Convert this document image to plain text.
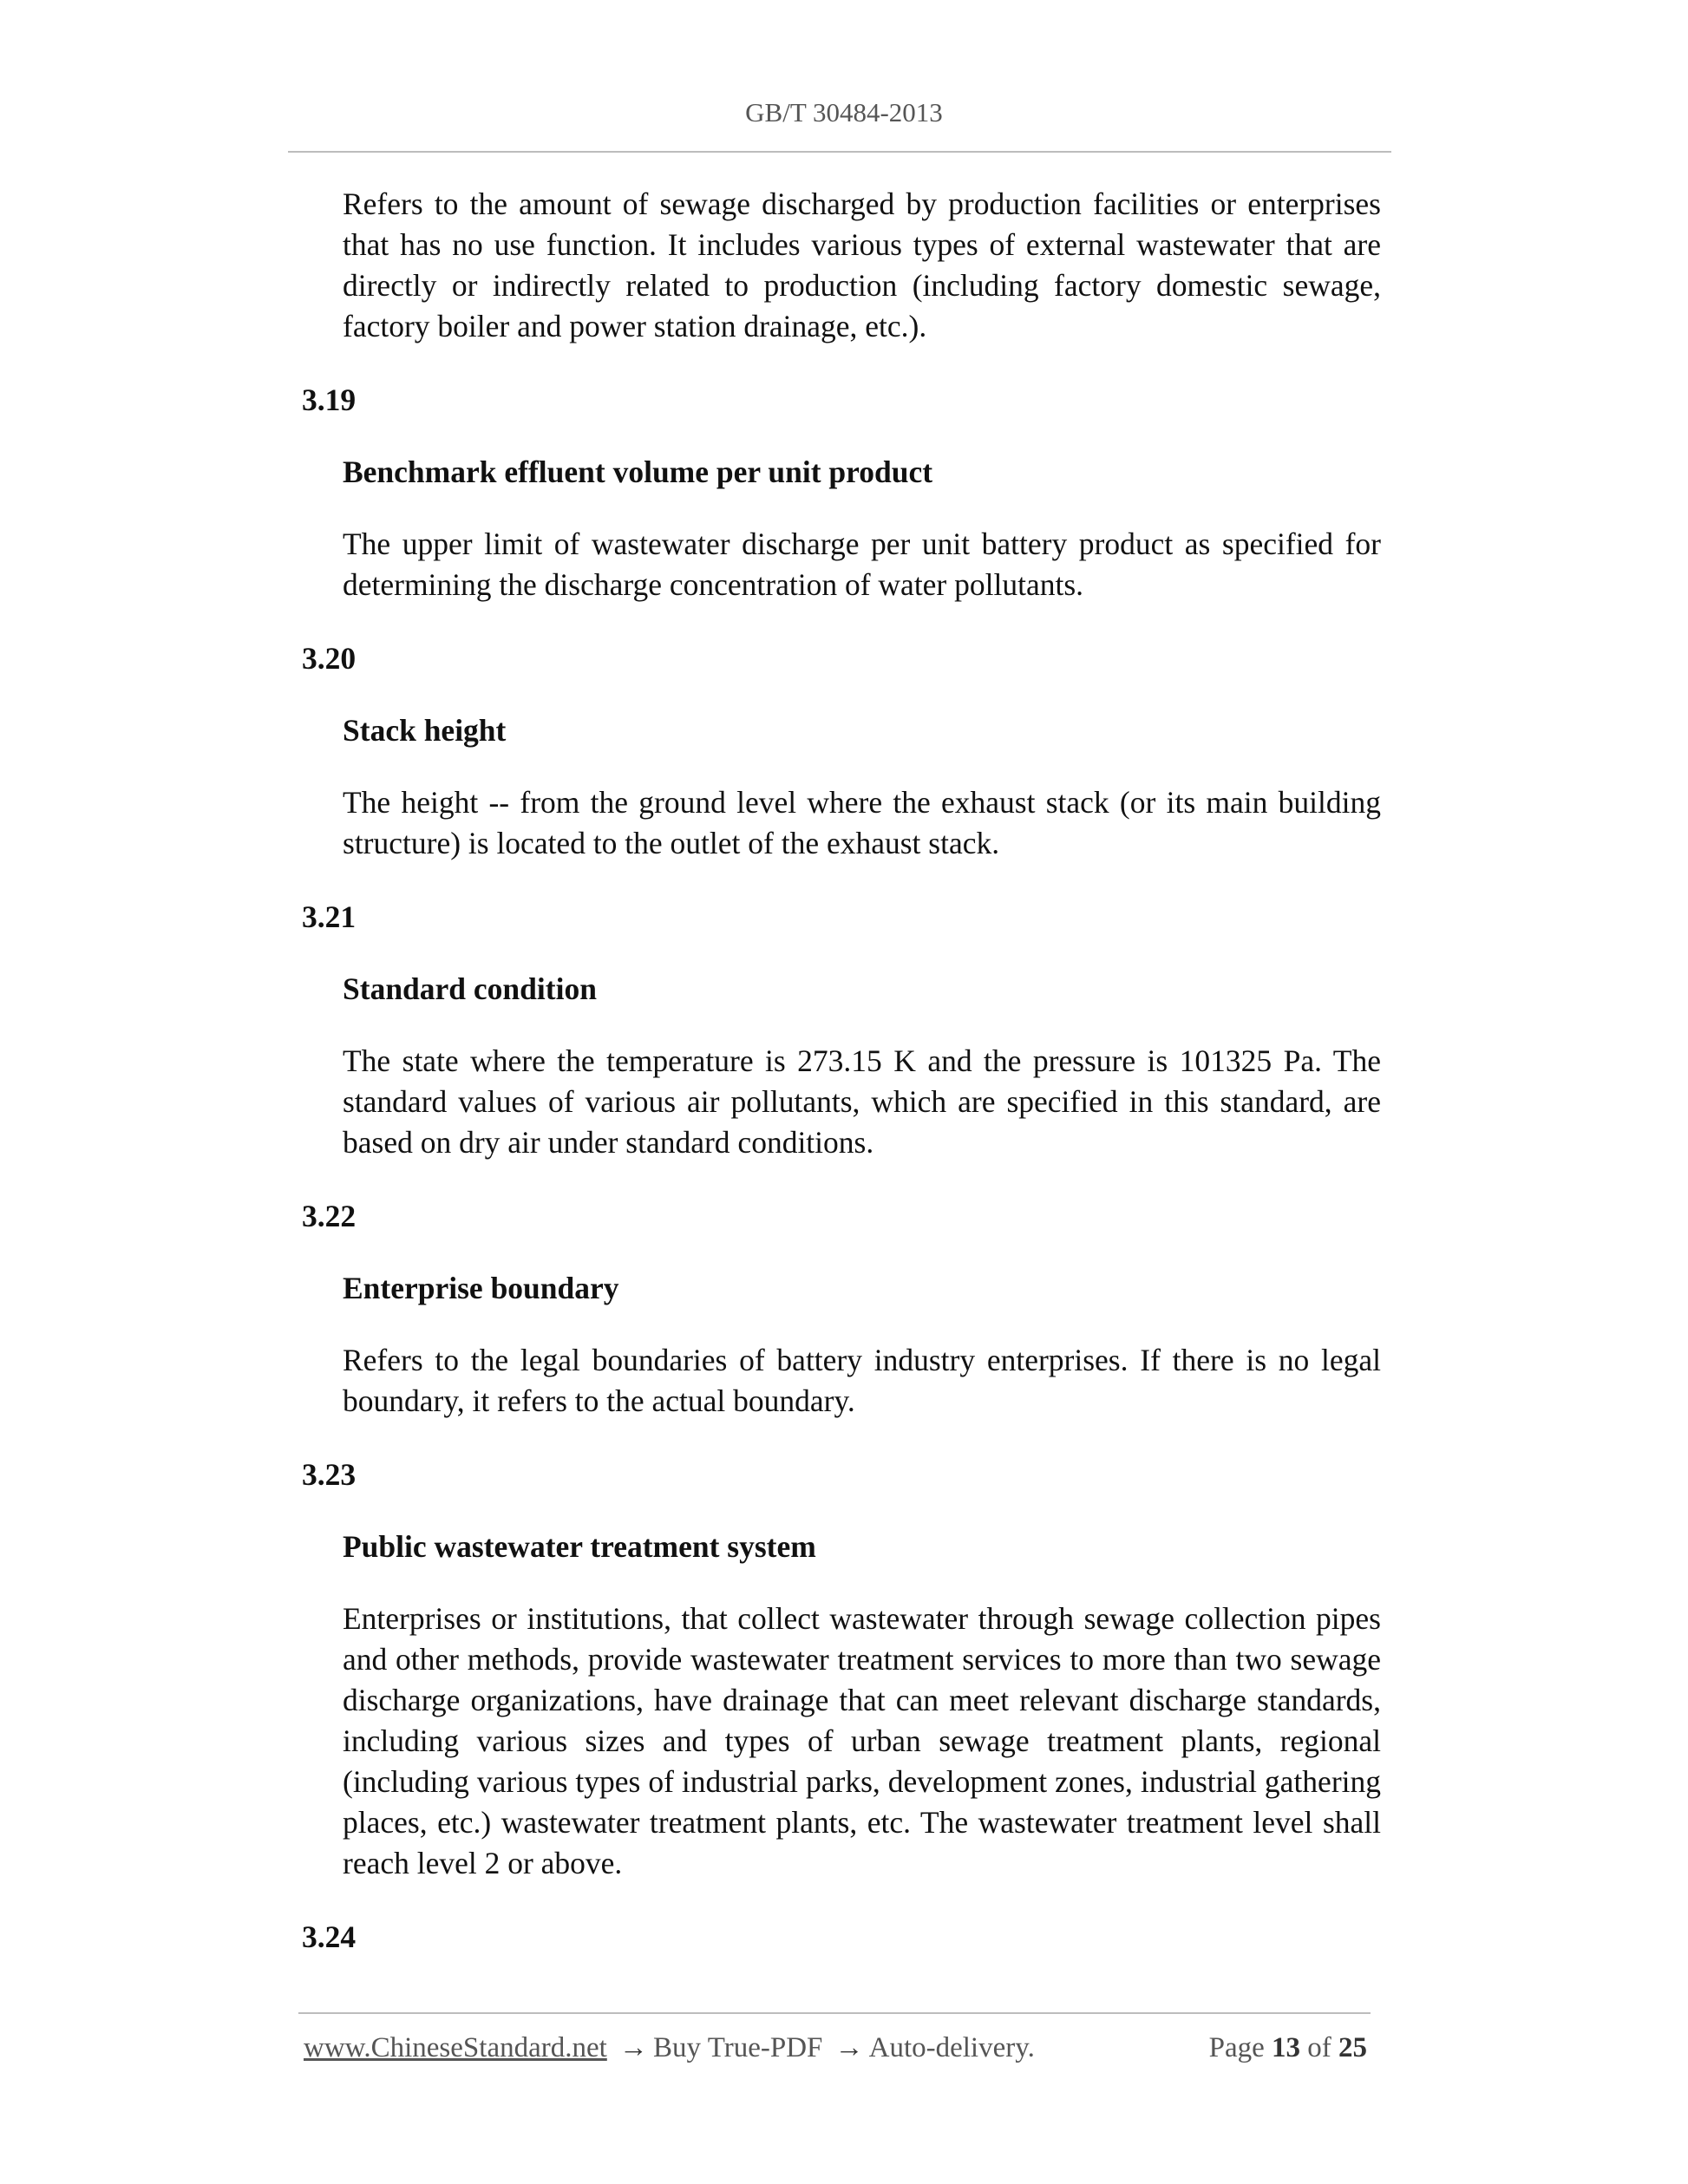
GB/T 30484-2013

Refers to the amount of sewage discharged by production facilities or enterprises that has no use function. It includes various types of external wastewater that are directly or indirectly related to production (including factory domestic sewage, factory boiler and power station drainage, etc.).

3.19
Benchmark effluent volume per unit product

The upper limit of wastewater discharge per unit battery product as specified for determining the discharge concentration of water pollutants.

3.20
Stack height

The height -- from the ground level where the exhaust stack (or its main building structure) is located to the outlet of the exhaust stack.

3.21
Standard condition

The state where the temperature is 273.15 K and the pressure is 101325 Pa. The standard values of various air pollutants, which are specified in this standard, are based on dry air under standard conditions.

3.22
Enterprise boundary

Refers to the legal boundaries of battery industry enterprises. If there is no legal boundary, it refers to the actual boundary.

3.23
Public wastewater treatment system

Enterprises or institutions, that collect wastewater through sewage collection pipes and other methods, provide wastewater treatment services to more than two sewage discharge organizations, have drainage that can meet relevant discharge standards, including various sizes and types of urban sewage treatment plants, regional (including various types of industrial parks, development zones, industrial gathering places, etc.) wastewater treatment plants, etc. The wastewater treatment level shall reach level 2 or above.

3.24
www.ChineseStandard.net → Buy True-PDF → Auto-delivery.	Page 13 of 25
